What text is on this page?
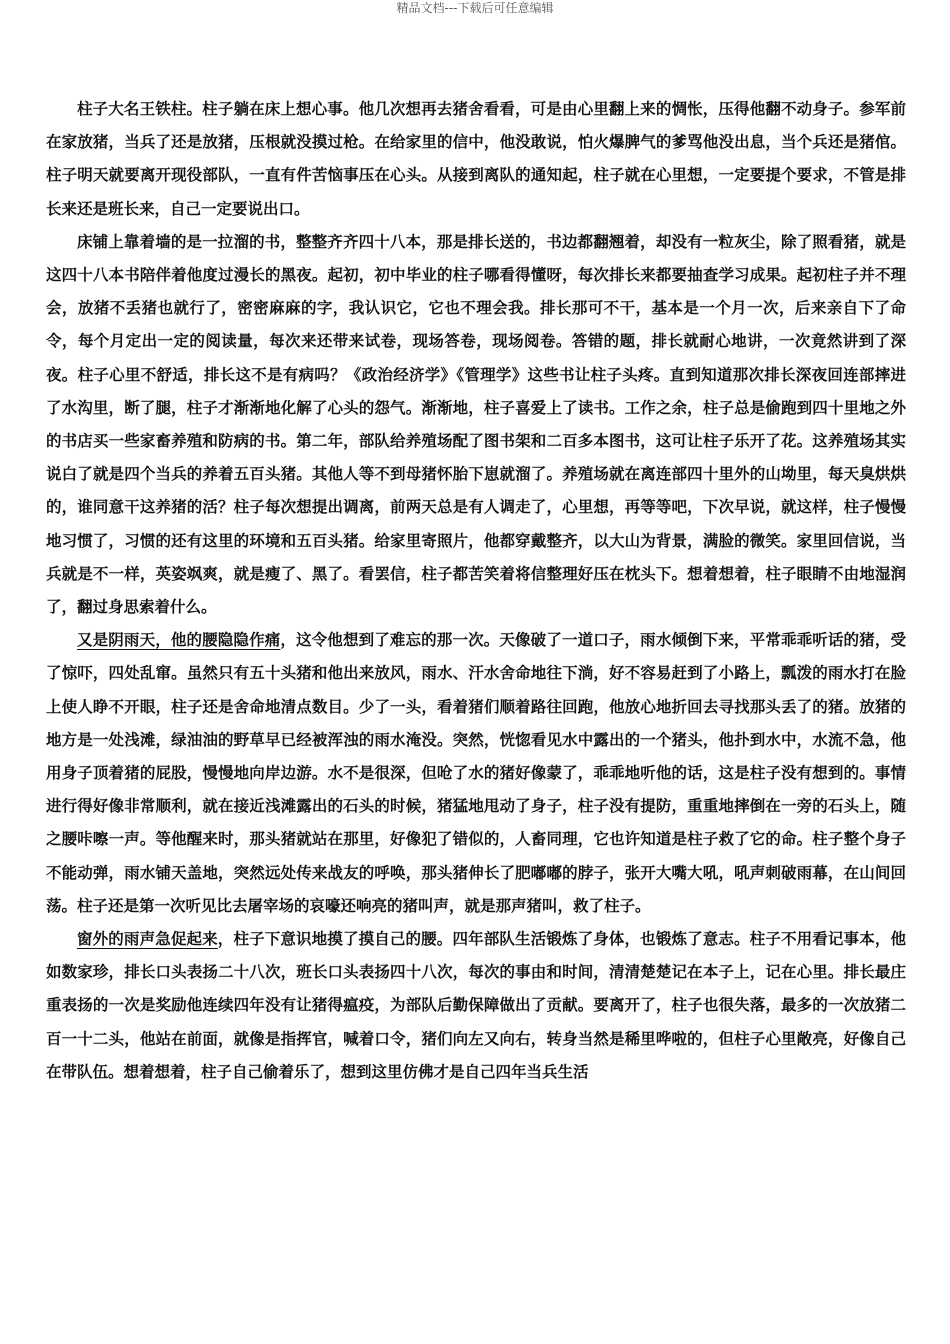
精品文档---下载后可任意编辑

柱子大名王铁柱。柱子躺在床上想心事。他几次想再去猪舍看看，可是由心里翻上来的惆怅，压得他翻不动身子。参军前在家放猪，当兵了还是放猪，压根就没摸过枪。在给家里的信中，他没敢说，怕火爆脾气的爹骂他没出息，当个兵还是猪倌。柱子明天就要离开现役部队，一直有件苦恼事压在心头。从接到离队的通知起，柱子就在心里想，一定要提个要求，不管是排长来还是班长来，自己一定要说出口。

床铺上靠着墙的是一拉溜的书，整整齐齐四十八本，那是排长送的，书边都翻翘着，却没有一粒灰尘，除了照看猪，就是这四十八本书陪伴着他度过漫长的黑夜。起初，初中毕业的柱子哪看得懂呀，每次排长来都要抽查学习成果。起初柱子并不理会，放猪不丢猪也就行了，密密麻麻的字，我认识它，它也不理会我。排长那可不干，基本是一个月一次，后来亲自下了命令，每个月定出一定的阅读量，每次来还带来试卷，现场答卷，现场阅卷。答错的题，排长就耐心地讲，一次竟然讲到了深夜。柱子心里不舒适，排长这不是有病吗？《政治经济学》《管理学》这些书让柱子头疼。直到知道那次排长深夜回连部摔进了水沟里，断了腿，柱子才渐渐地化解了心头的怨气。渐渐地，柱子喜爱上了读书。工作之余，柱子总是偷跑到四十里地之外的书店买一些家畜养殖和防病的书。第二年，部队给养殖场配了图书架和二百多本图书，这可让柱子乐开了花。这养殖场其实说白了就是四个当兵的养着五百头猪。其他人等不到母猪怀胎下崽就溜了。养殖场就在离连部四十里外的山坳里，每天臭烘烘的，谁同意干这养猪的活？柱子每次想提出调离，前两天总是有人调走了，心里想，再等等吧，下次早说，就这样，柱子慢慢地习惯了，习惯的还有这里的环境和五百头猪。给家里寄照片，他都穿戴整齐，以大山为背景，满脸的微笑。家里回信说，当兵就是不一样，英姿飒爽，就是瘦了、黑了。看罢信，柱子都苦笑着将信整理好压在枕头下。想着想着，柱子眼睛不由地湿润了，翻过身思索着什么。

又是阴雨天，他的腰隐隐作痛，这令他想到了难忘的那一次。天像破了一道口子，雨水倾倒下来，平常乖乖听话的猪，受了惊吓，四处乱窜。虽然只有五十头猪和他出来放风，雨水、汗水舍命地往下淌，好不容易赶到了小路上，瓢泼的雨水打在脸上使人睁不开眼，柱子还是舍命地清点数目。少了一头，看着猪们顺着路往回跑，他放心地折回去寻找那头丢了的猪。放猪的地方是一处浅滩，绿油油的野草早已经被浑浊的雨水淹没。突然，恍惚看见水中露出的一个猪头，他扑到水中，水流不急，他用身子顶着猪的屁股，慢慢地向岸边游。水不是很深，但呛了水的猪好像蒙了，乖乖地听他的话，这是柱子没有想到的。事情进行得好像非常顺利，就在接近浅滩露出的石头的时候，猪猛地甩动了身子，柱子没有提防，重重地摔倒在一旁的石头上，随之腰咔嚓一声。等他醒来时，那头猪就站在那里，好像犯了错似的，人畜同理，它也许知道是柱子救了它的命。柱子整个身子不能动弹，雨水铺天盖地，突然远处传来战友的呼唤，那头猪伸长了肥嘟嘟的脖子，张开大嘴大吼，吼声刺破雨幕，在山间回荡。柱子还是第一次听见比去屠宰场的哀嚎还响亮的猪叫声，就是那声猪叫，救了柱子。

窗外的雨声急促起来，柱子下意识地摸了摸自己的腰。四年部队生活锻炼了身体，也锻炼了意志。柱子不用看记事本，他如数家珍，排长口头表扬二十八次，班长口头表扬四十八次，每次的事由和时间，清清楚楚记在本子上，记在心里。排长最庄重表扬的一次是奖励他连续四年没有让猪得瘟疫，为部队后勤保障做出了贡献。要离开了，柱子也很失落，最多的一次放猪二百一十二头，他站在前面，就像是指挥官，喊着口令，猪们向左又向右，转身当然是稀里哗啦的，但柱子心里敞亮，好像自己在带队伍。想着想着，柱子自己偷着乐了，想到这里仿佛才是自己四年当兵生活
